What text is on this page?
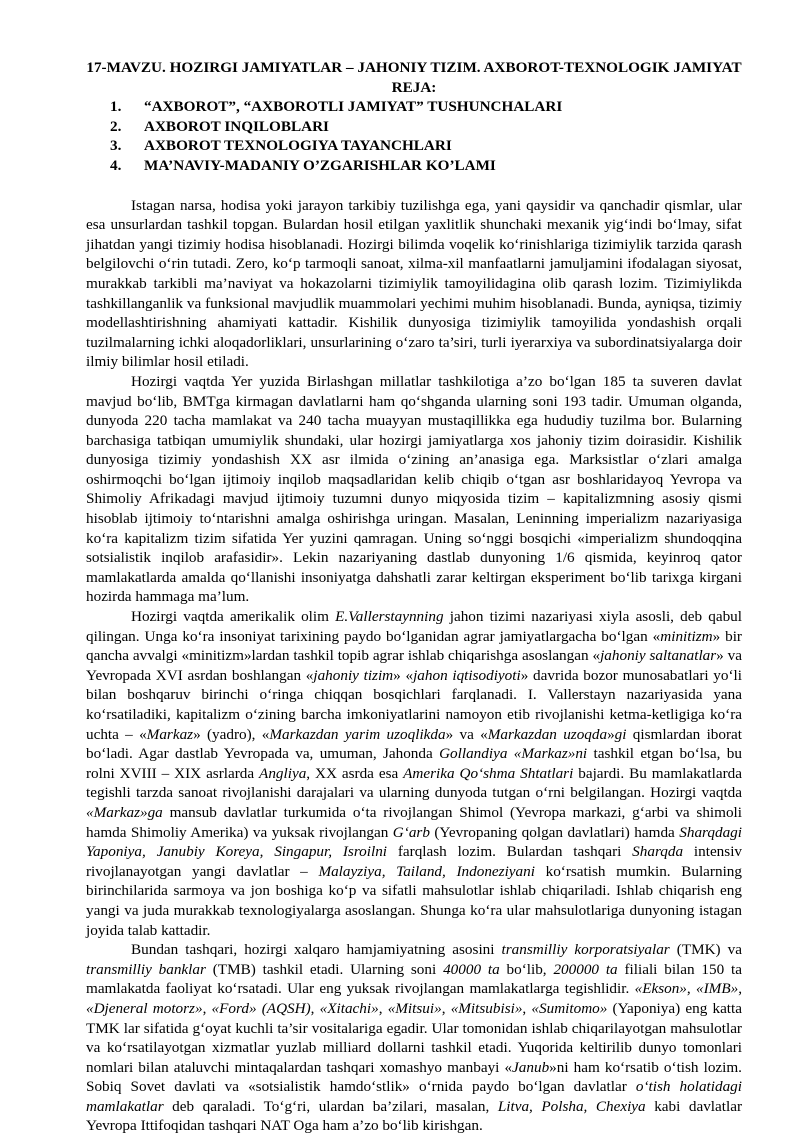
17-MAVZU. HOZIRGI JAMIYATLAR – JAHONIY TIZIM. AXBOROT-TEXNOLOGIK JAMIYAT

REJA:

1. “AXBOROT”, “AXBOROTLI JAMIYAT” TUSHUNCHALARI
2. AXBOROT INQILOBLARI
3. AXBOROT TEXNOLOGIYA TAYANCHLARI
4. MA’NAVIY-MADANIY O’ZGARISHLAR KO’LAMI

Istagan narsa, hodisa yoki jarayon tarkibiy tuzilishga ega, yani qaysidir va qanchadir qismlar, ular esa unsurlardan tashkil topgan. Bulardan hosil etilgan yaxlitlik shunchaki mexanik yig‘indi bo‘lmay, sifat jihatdan yangi tizimiy hodisa hisoblanadi. Hozirgi bilimda voqelik ko‘rinishlariga tizimiylik tarzida qarash belgilovchi o‘rin tutadi. Zero, ko‘p tarmoqli sanoat, xilma-xil manfaatlarni jamuljamini ifodalagan siyosat, murakkab tarkibli ma’naviyat va hokazolarni tizimiylik tamoyilidagina olib qarash lozim. Tizimiylikda tashkillanganlik va funksional mavjudlik muammolari yechimi muhim hisoblanadi. Bunda, ayniqsa, tizimiy modellashtirishning ahamiyati kattadir. Kishilik dunyosiga tizimiylik tamoyilida yondashish orqali tuzilmalarning ichki aloqadorliklari, unsurlarining o‘zaro ta’siri, turli iyerarxiya va subordinatsiyalarga doir ilmiy bilimlar hosil etiladi.

Hozirgi vaqtda Yer yuzida Birlashgan millatlar tashkilotiga a’zo bo‘lgan 185 ta suveren davlat mavjud bo‘lib, BMTga kirmagan davlatlarni ham qo‘shganda ularning soni 193 tadir. Umuman olganda, dunyoda 220 tacha mamlakat va 240 tacha muayyan mustaqillikka ega hududiy tuzilma bor. Bularning barchasiga tatbiqan umumiylik shundaki, ular hozirgi jamiyatlarga xos jahoniy tizim doirasidir. Kishilik dunyosiga tizimiy yondashish XX asr ilmida o‘zining an’anasiga ega. Marksistlar o‘zlari amalga oshirmoqchi bo‘lgan ijtimoiy inqilob maqsadlaridan kelib chiqib o‘tgan asr boshlaridayoq Yevropa va Shimoliy Afrikadagi mavjud ijtimoiy tuzumni dunyo miqyosida tizim – kapitalizmning asosiy qismi hisoblab ijtimoiy to‘ntarishni amalga oshirishga uringan. Masalan, Leninning imperializm nazariyasiga ko‘ra kapitalizm tizim sifatida Yer yuzini qamragan. Uning so‘nggi bosqichi «imperializm shundoqqina sotsialistik inqilob arafasidir». Lekin nazariyaning dastlab dunyoning 1/6 qismida, keyinroq qator mamlakatlarda amalda qo‘llanishi insoniyatga dahshatli zarar keltirgan eksperiment bo‘lib tarixga kirgani hozirda hammaga ma’lum.

Hozirgi vaqtda amerikalik olim E.Vallerstaynning jahon tizimi nazariyasi xiyla asosli, deb qabul qilingan. Unga ko‘ra insoniyat tarixining paydo bo‘lganidan agrar jamiyatlargacha bo‘lgan «minitizm» bir qancha avvalgi «minitizm»lardan tashkil topib agrar ishlab chiqarishga asoslangan «jahoniy saltanatlar» va Yevropada XVI asrdan boshlangan «jahoniy tizim» «jahon iqtisodiyoti» davrida bozor munosabatlari yo‘li bilan boshqaruv birinchi o‘ringa chiqqan bosqichlari farqlanadi. I. Vallerstayn nazariyasida yana ko‘rsatiladiki, kapitalizm o‘zining barcha imkoniyatlarini namoyon etib rivojlanishi ketma-ketligiga ko‘ra uchta – «Markaz» (yadro), «Markazdan yarim uzoqlikda» va «Markazdan uzoqda»gi qismlardan iborat bo‘ladi. Agar dastlab Yevropada va, umuman, Jahonda Gollandiya «Markaz»ni tashkil etgan bo‘lsa, bu rolni XVIII – XIX asrlarda Angliya, XX asrda esa Amerika Qo‘shma Shtatlari bajardi. Bu mamlakatlarda tegishli tarzda sanoat rivojlanishi darajalari va ularning dunyoda tutgan o‘rni belgilangan. Hozirgi vaqtda «Markaz»ga mansub davlatlar turkumida o‘ta rivojlangan Shimol (Yevropa markazi, g‘arbi va shimoli hamda Shimoliy Amerika) va yuksak rivojlangan G‘arb (Yevropaning qolgan davlatlari) hamda Sharqdagi Yaponiya, Janubiy Koreya, Singapur, Isroilni farqlash lozim. Bulardan tashqari Sharqda intensiv rivojlanayotgan yangi davlatlar – Malayziya, Tailand, Indoneziyani ko‘rsatish mumkin. Bularning birinchilarida sarmoya va jon boshiga ko‘p va sifatli mahsulotlar ishlab chiqariladi. Ishlab chiqarish eng yangi va juda murakkab texnologiyalarga asoslangan. Shunga ko‘ra ular mahsulotlariga dunyoning istagan joyida talab kattadir.

Bundan tashqari, hozirgi xalqaro hamjamiyatning asosini transmilliy korporatsiyalar (TMK) va transmilliy banklar (TMB) tashkil etadi. Ularning soni 40000 ta bo‘lib, 200000 ta filiali bilan 150 ta mamlakatda faoliyat ko‘rsatadi. Ular eng yuksak rivojlangan mamlakatlarga tegishlidir. «Ekson», «IMB», «Djeneral motorz», «Ford» (AQSH), «Xitachi», «Mitsui», «Mitsubisi», «Sumitomo» (Yaponiya) eng katta TMK lar sifatida g‘oyat kuchli ta’sir vositalariga egadir. Ular tomonidan ishlab chiqarilayotgan mahsulotlar va ko‘rsatilayotgan xizmatlar yuzlab milliard dollarni tashkil etadi. Yuqorida keltirilib dunyo tomonlari nomlari bilan ataluvchi mintaqalardan tashqari xomashyo manbayi «Janub»ni ham ko‘rsatib o‘tish lozim. Sobiq Sovet davlati va «sotsialistik hamdo‘stlik» o‘rnida paydo bo‘lgan davlatlar o‘tish holatidagi mamlakatlar deb qaraladi. To‘g‘ri, ulardan ba’zilari, masalan, Litva, Polsha, Chexiya kabi davlatlar Yevropa Ittifoqidan tashqari NAT Oga ham a’zo bo‘lib kirishgan.
